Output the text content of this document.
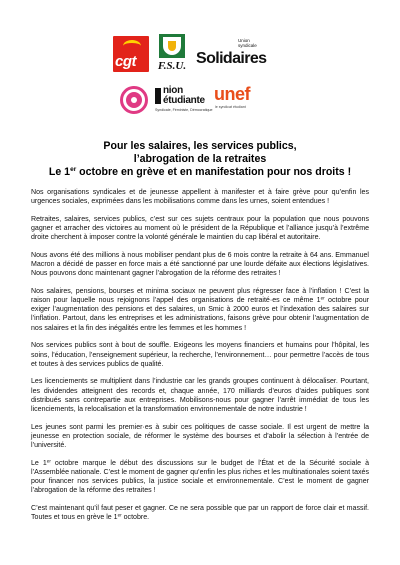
cgt F.S.U.
Union
syndicale
Solidaires
nion
étudiante
Syndicale, Féministe, Démocratique
unef
le syndicat étudiant
Pour les salaires, les services publics,
l’abrogation de la retraites
Le 1er octobre en grève et en manifestation pour nos droits !

Nos organisations syndicales et de jeunesse appellent à manifester et à faire grève pour qu’enfin les urgences sociales, exprimées dans les mobilisations comme dans les urnes, soient entendues !

Retraites, salaires, services publics, c’est sur ces sujets centraux pour la population que nous pouvons gagner et arracher des victoires au moment où le président de la République et l’alliance jusqu’à l’extrême droite cherchent à imposer contre la volonté générale le maintien du cap libéral et autoritaire.

Nous avons été des millions à nous mobiliser pendant plus de 6 mois contre la retraite à 64 ans. Emmanuel Macron a décidé de passer en force mais a été sanctionné par une lourde défaite aux élections législatives. Nous pouvons donc maintenant gagner l’abrogation de la réforme des retraites !

Nos salaires, pensions, bourses et minima sociaux ne peuvent plus régresser face à l’inflation ! C’est la raison pour laquelle nous rejoignons l’appel des organisations de retraité·es ce même 1er octobre pour exiger l’augmentation des pensions et des salaires, un Smic à 2000 euros et l’indexation des salaires sur l’inflation. Partout, dans les entreprises et les administrations, faisons grève pour obtenir l’augmentation de nos salaires et la fin des inégalités entre les femmes et les hommes !

Nos services publics sont à bout de souffle. Exigeons les moyens financiers et humains pour l’hôpital, les soins, l’éducation, l’enseignement supérieur, la recherche, l’environnement… pour permettre l’accès de tous et toutes à des services publics de qualité.

Les licenciements se multiplient dans l’industrie car les grands groupes continuent à délocaliser. Pourtant, les dividendes atteignent des records et, chaque année, 170 milliards d’euros d’aides publiques sont distribués sans contrepartie aux entreprises. Mobilisons-nous pour gagner l’arrêt immédiat de tous les licenciements, la relocalisation et la transformation environnementale de notre industrie !

Les jeunes sont parmi les premier·es à subir ces politiques de casse sociale. Il est urgent de mettre la jeunesse en protection sociale, de réformer le système des bourses et d’abolir la sélection à l’entrée de l’université.

Le 1er octobre marque le début des discussions sur le budget de l’État et de la Sécurité sociale à l’Assemblée nationale. C’est le moment de gagner qu’enfin les plus riches et les multinationales soient taxés pour financer nos services publics, la justice sociale et environnementale. C’est le moment de gagner l’abrogation de la réforme des retraites !

C’est maintenant qu’il faut peser et gagner. Ce ne sera possible que par un rapport de force clair et massif. Toutes et tous en grève le 1er octobre.
